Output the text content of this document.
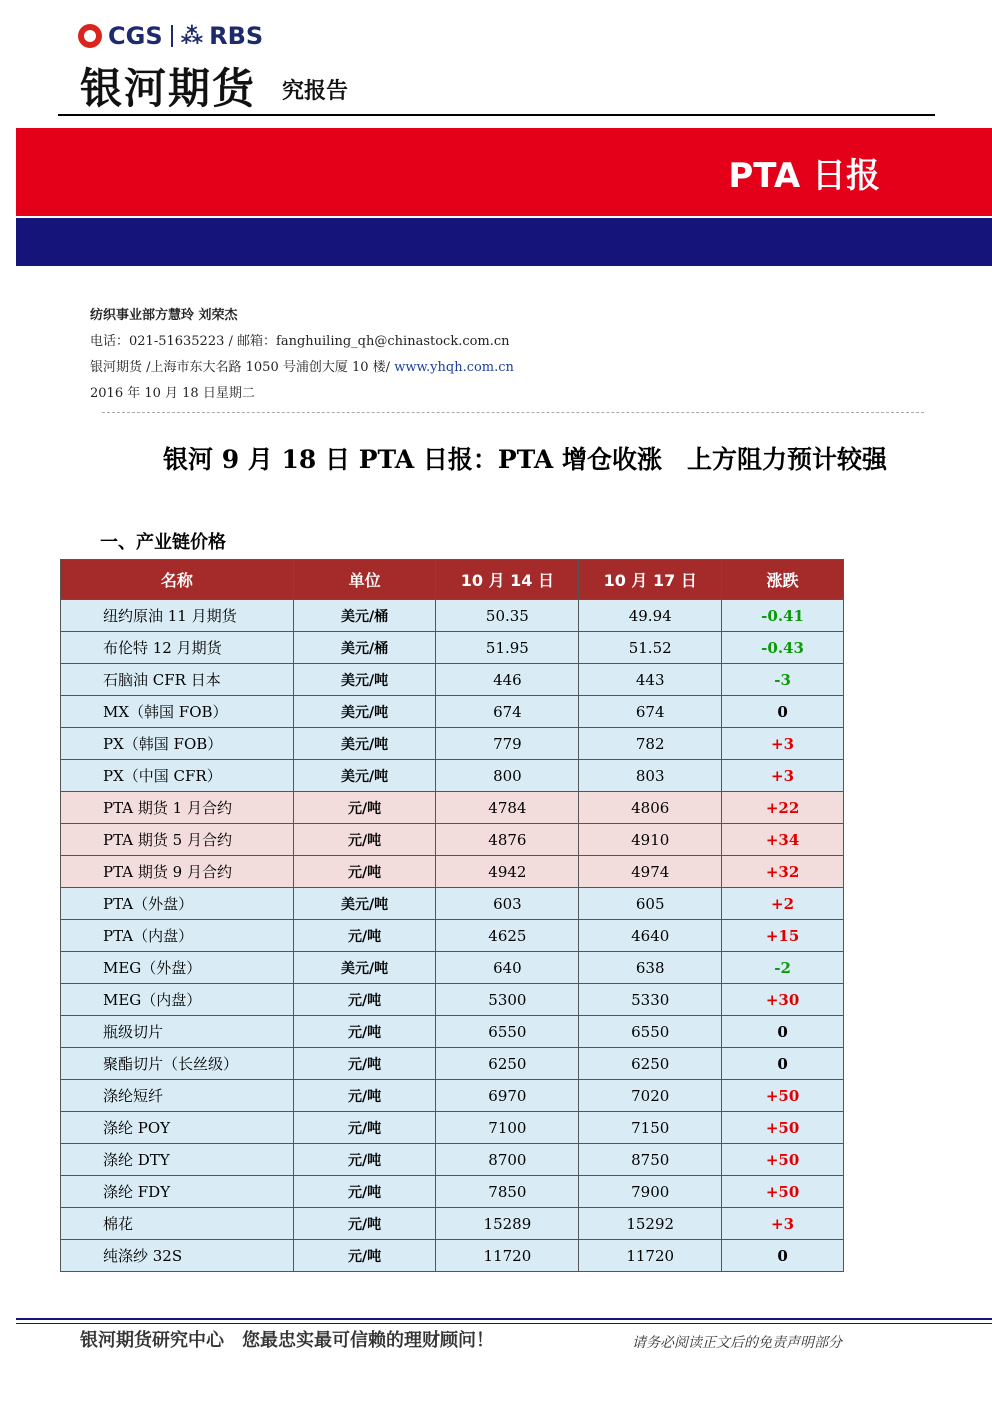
CGS ⁂ RBS
银河期货 究报告
PTA 日报
纺织事业部方慧玲 刘荣杰
电话：021-51635223 / 邮箱：fanghuiling_qh@chinastock.com.cn
银河期货 /上海市东大名路 1050 号浦创大厦 10 楼/ www.yhqh.com.cn
2016 年 10 月 18 日星期二
银河 9 月 18 日 PTA 日报：PTA 增仓收涨　上方阻力预计较强
一、产业链价格
名称	单位	10 月 14 日	10 月 17 日	涨跌
纽约原油 11 月期货	美元/桶	50.35	49.94	-0.41
布伦特 12 月期货	美元/桶	51.95	51.52	-0.43
石脑油 CFR 日本	美元/吨	446	443	-3
MX（韩国 FOB）	美元/吨	674	674	0
PX（韩国 FOB）	美元/吨	779	782	+3
PX（中国 CFR）	美元/吨	800	803	+3
PTA 期货 1 月合约	元/吨	4784	4806	+22
PTA 期货 5 月合约	元/吨	4876	4910	+34
PTA 期货 9 月合约	元/吨	4942	4974	+32
PTA（外盘）	美元/吨	603	605	+2
PTA（内盘）	元/吨	4625	4640	+15
MEG（外盘）	美元/吨	640	638	-2
MEG（内盘）	元/吨	5300	5330	+30
瓶级切片	元/吨	6550	6550	0
聚酯切片（长丝级）	元/吨	6250	6250	0
涤纶短纤	元/吨	6970	7020	+50
涤纶 POY	元/吨	7100	7150	+50
涤纶 DTY	元/吨	8700	8750	+50
涤纶 FDY	元/吨	7850	7900	+50
棉花	元/吨	15289	15292	+3
纯涤纱 32S	元/吨	11720	11720	0
银河期货研究中心　您最忠实最可信赖的理财顾问！	请务必阅读正文后的免责声明部分
